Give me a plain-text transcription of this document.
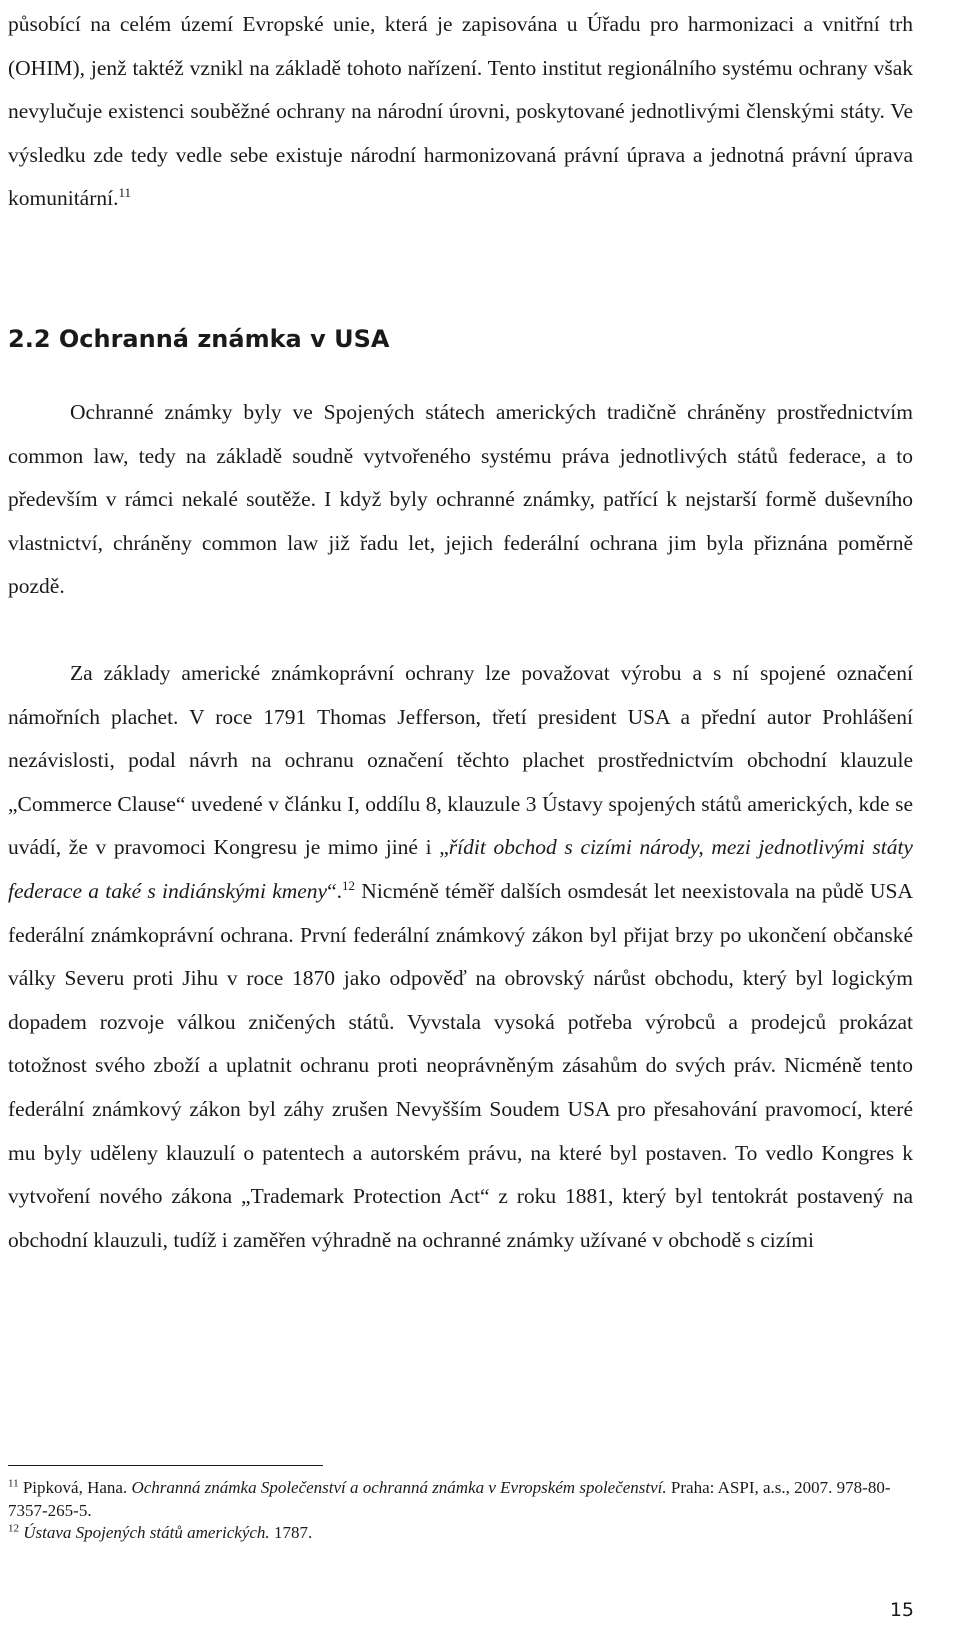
působící na celém území Evropské unie, která je zapisována u Úřadu pro harmonizaci a vnitřní trh (OHIM), jenž taktéž vznikl na základě tohoto nařízení. Tento institut regionálního systému ochrany však nevylučuje existenci souběžné ochrany na národní úrovni, poskytované jednotlivými členskými státy. Ve výsledku zde tedy vedle sebe existuje národní harmonizovaná právní úprava a jednotná právní úprava komunitární.$^{11}$

2.2 Ochranná známka v USA

Ochranné známky byly ve Spojených státech amerických tradičně chráněny prostřednictvím common law, tedy na základě soudně vytvořeného systému práva jednotlivých států federace, a to především v rámci nekalé soutěže. I když byly ochranné známky, patřící k nejstarší formě duševního vlastnictví, chráněny common law již řadu let, jejich federální ochrana jim byla přiznána poměrně pozdě.

Za základy americké známkoprávní ochrany lze považovat výrobu a s ní spojené označení námořních plachet. V roce 1791 Thomas Jefferson, třetí president USA a přední autor Prohlášení nezávislosti, podal návrh na ochranu označení těchto plachet prostřednictvím obchodní klauzule „Commerce Clause“ uvedené v článku I, oddílu 8, klauzule 3 Ústavy spojených států amerických, kde se uvádí, že v pravomoci Kongresu je mimo jiné i „řídit obchod s cizími národy, mezi jednotlivými státy federace a také s indiánskými kmeny“.$^{12}$ Nicméně téměř dalších osmdesát let neexistovala na půdě USA federální známkoprávní ochrana. První federální známkový zákon byl přijat brzy po ukončení občanské války Severu proti Jihu v roce 1870 jako odpověď na obrovský nárůst obchodu, který byl logickým dopadem rozvoje válkou zničených států. Vyvstala vysoká potřeba výrobců a prodejců prokázat totožnost svého zboží a uplatnit ochranu proti neoprávněným zásahům do svých práv. Nicméně tento federální známkový zákon byl záhy zrušen Nevyšším Soudem USA pro přesahování pravomocí, které mu byly uděleny klauzulí o patentech a autorském právu, na které byl postaven. To vedlo Kongres k vytvoření nového zákona „Trademark Protection Act“ z roku 1881, který byl tentokrát postavený na obchodní klauzuli, tudíž i zaměřen výhradně na ochranné známky užívané v obchodě s cizími

$^{11}$ Pipková, Hana. Ochranná známka Společenství a ochranná známka v Evropském společenství. Praha: ASPI, a.s., 2007. 978-80-7357-265-5.

$^{12}$ Ústava Spojených států amerických. 1787.

15
